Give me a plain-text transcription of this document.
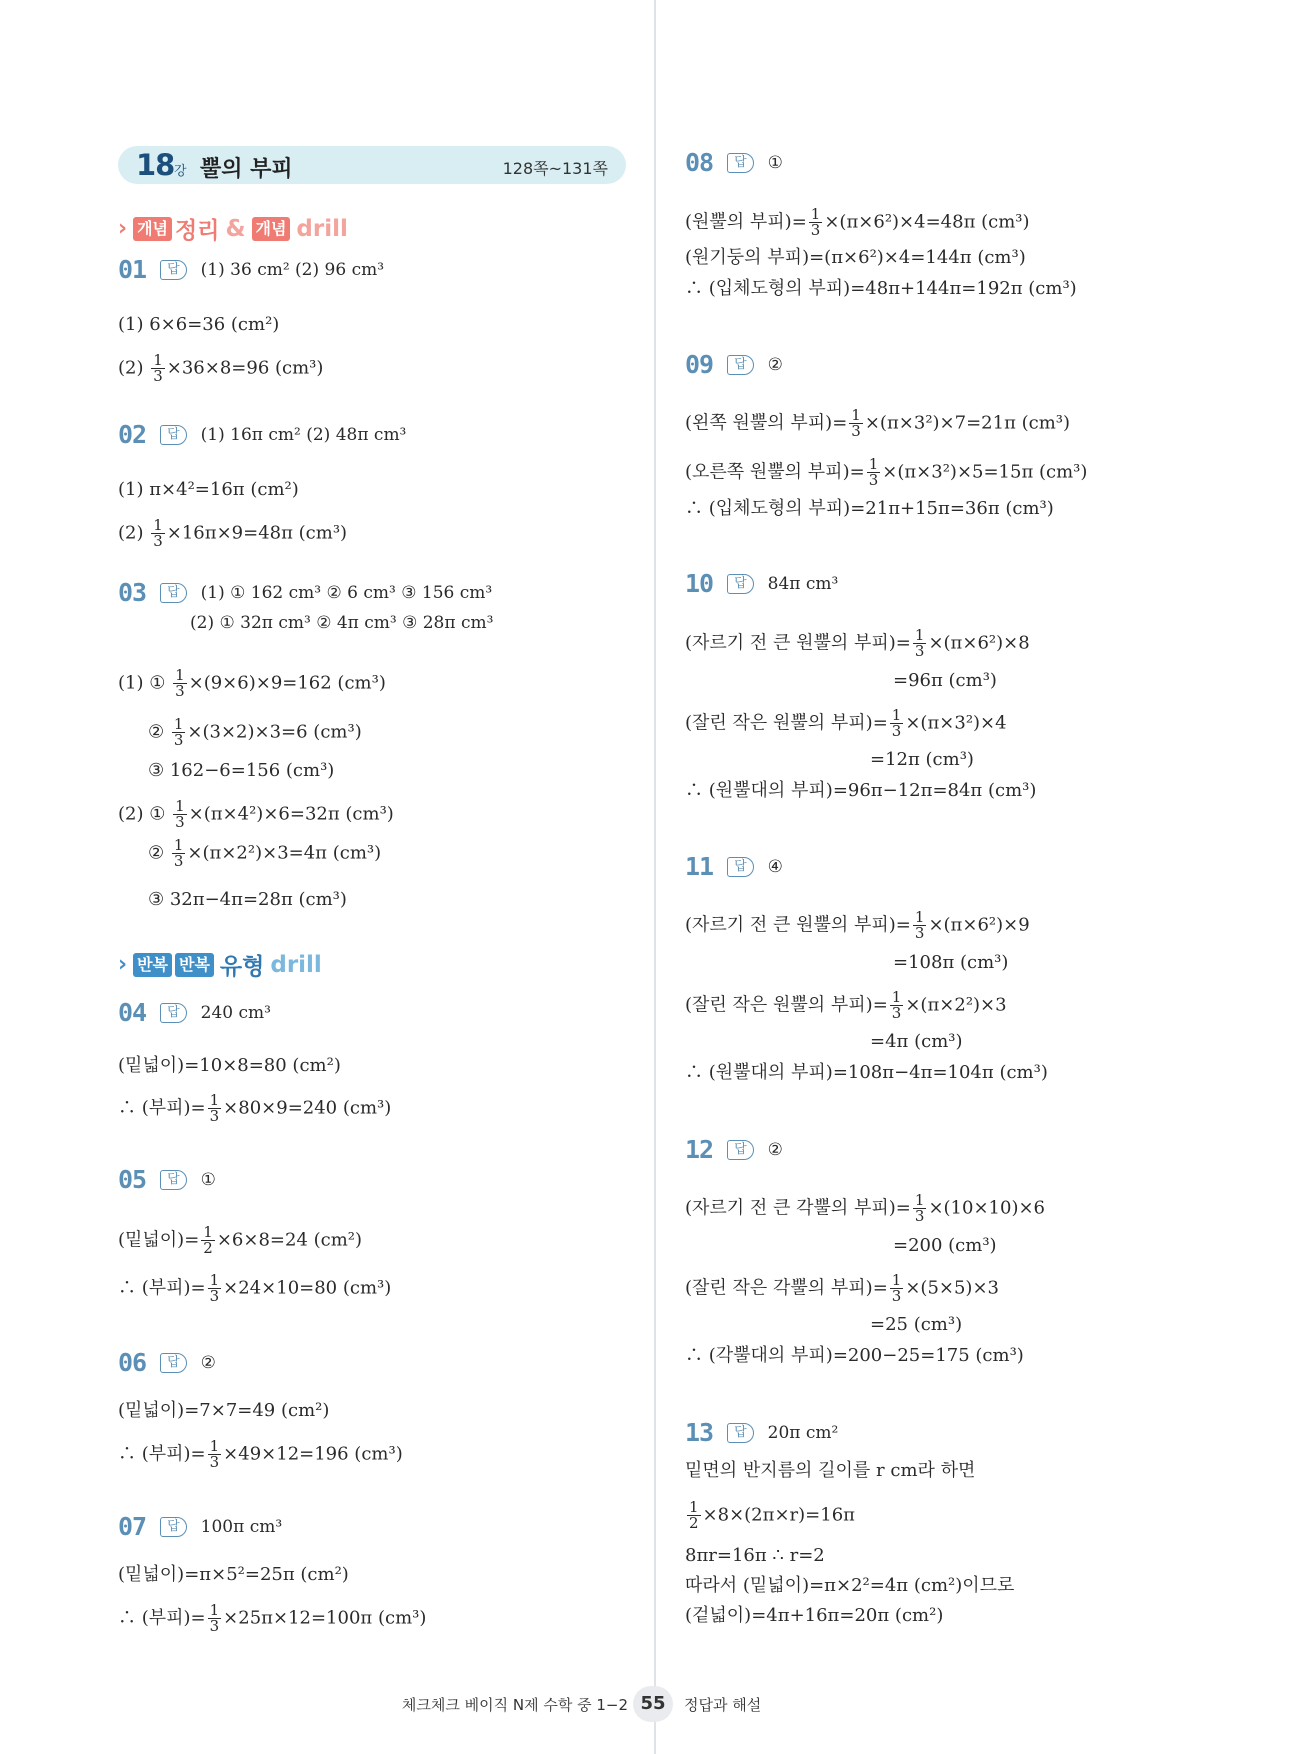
18 강 뿔의 부피	128쪽~131쪽
› 개념 정리 & 개념 drill
› 반복 반복 유형 drill
01	답	(1) 36 cm² (2) 96 cm³
(1) 6×6=36 (cm²)
$(2) \frac{1}{3} \times 36\times 8=96$ (cm³)
02	답	(1) 16π cm² (2) 48π cm³
(1) π×4²=16π (cm²)
$(2) \frac{1}{3} \times 16\pi\times 9=48\pi$ (cm³)
03	답	(1) ① 162 cm³ ② 6 cm³ ③ 156 cm³
(2) ① 32π cm³ ② 4π cm³ ③ 28π cm³
(1) ① $\frac{1}{3} \times(9\times 6)\times 9=162$ (cm³)
② $\frac{1}{3} \times(3\times 2)\times 3=6$ (cm³)
③ 162−6=156 (cm³)
(2) ① $\frac{1}{3} \times(\pi\times 4^2)\times 6=32\pi$ (cm³)
② $\frac{1}{3} \times(\pi\times 2^2)\times 3=4\pi$ (cm³)
③ 32π−4π=28π (cm³)
04	답	240 cm³
(밑넓이)=10×8=80 (cm²)
∴ (부피)= $\frac{1}{3} \times 80\times 9=240$ (cm³)
05	답	①
(밑넓이)= $\frac{1}{2} \times 6\times 8=24$ (cm²)
∴ (부피)= $\frac{1}{3} \times 24\times 10=80$ (cm³)
06	답	②
(밑넓이)=7×7=49 (cm²)
∴ (부피)= $\frac{1}{3} \times 49\times 12=196$ (cm³)
07	답	100π cm³
(밑넓이)=π×5²=25π (cm²)
∴ (부피)= $\frac{1}{3} \times 25\pi\times 12=100\pi$ (cm³)
08	답	①
(원뿔의 부피)= $\frac{1}{3} \times(\pi\times 6^2)\times 4=48\pi$ (cm³)
(원기둥의 부피)=(π×6²)×4=144π (cm³)
∴ (입체도형의 부피)=48π+144π=192π (cm³)
09	답	②
(왼쪽 원뿔의 부피)= $\frac{1}{3} \times(\pi\times 3^2)\times 7=21\pi$ (cm³)
(오른쪽 원뿔의 부피)= $\frac{1}{3} \times(\pi\times 3^2)\times 5=15\pi$ (cm³)
∴ (입체도형의 부피)=21π+15π=36π (cm³)
10	답	84π cm³
(자르기 전 큰 원뿔의 부피)= $\frac{1}{3} \times(\pi\times 6^2)\times 8$
=96π (cm³)
(잘린 작은 원뿔의 부피)= $\frac{1}{3} \times(\pi\times 3^2)\times 4$
=12π (cm³)
∴ (원뿔대의 부피)=96π−12π=84π (cm³)
11	답	④
(자르기 전 큰 원뿔의 부피)= $\frac{1}{3} \times(\pi\times 6^2)\times 9$
=108π (cm³)
(잘린 작은 원뿔의 부피)= $\frac{1}{3} \times(\pi\times 2^2)\times 3$
=4π (cm³)
∴ (원뿔대의 부피)=108π−4π=104π (cm³)
12	답	②
(자르기 전 큰 각뿔의 부피)= $\frac{1}{3} \times(10\times 10)\times 6$
=200 (cm³)
(잘린 작은 각뿔의 부피)= $\frac{1}{3} \times(5\times 5)\times 3$
=25 (cm³)
∴ (각뿔대의 부피)=200−25=175 (cm³)
13	답	20π cm²
밑면의 반지름의 길이를 r cm라 하면
$\frac{1}{2} \times 8\times(2\pi\times r)=16\pi$
8πr=16π ∴ r=2
따라서 (밑넓이)=π×2²=4π (cm²)이므로
(겉넓이)=4π+16π=20π (cm²)
체크체크 베이직 N제 수학 중 1−2 55	정답과 해설
